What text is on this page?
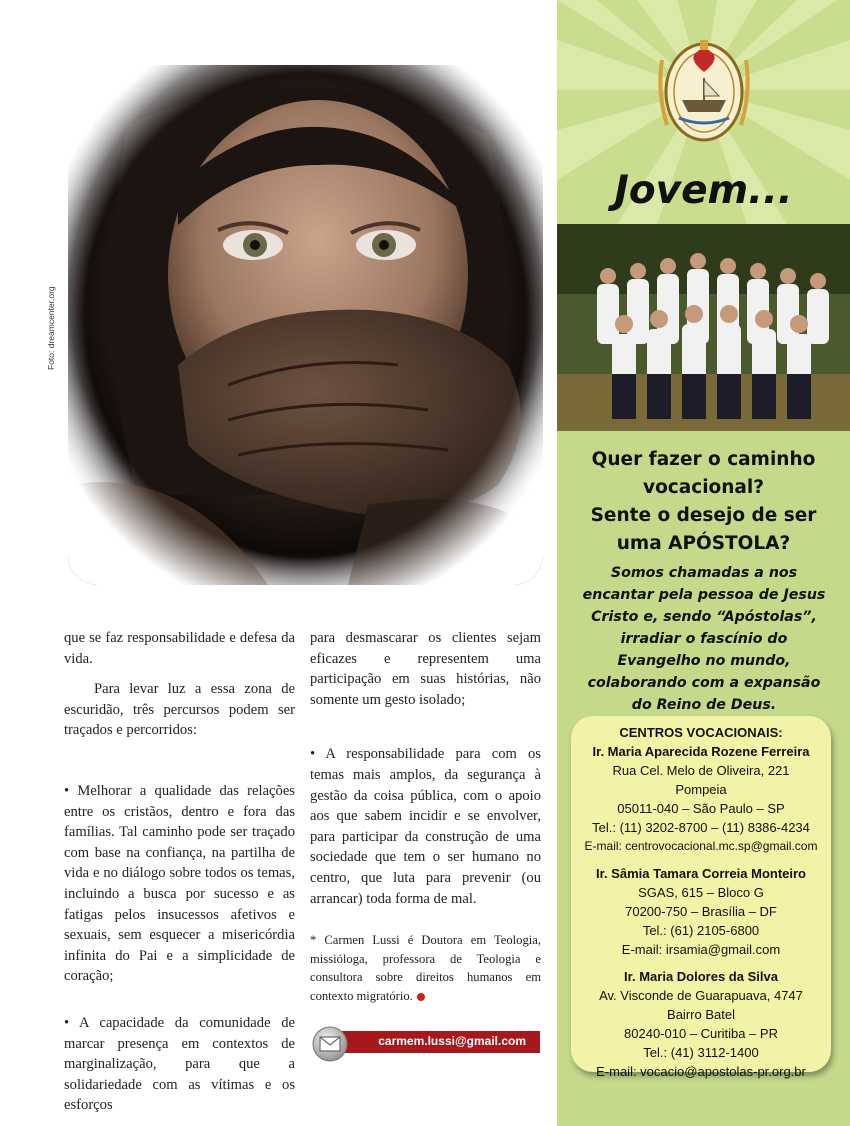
Foto: dreamcenter.org

que se faz responsabilidade e defesa da vida.

Para levar luz a essa zona de escuridão, três percursos podem ser traçados e percorridos:

• Melhorar a qualidade das relações entre os cristãos, dentro e fora das famílias. Tal caminho pode ser traçado com base na confiança, na partilha de vida e no diálogo sobre todos os temas, incluindo a busca por sucesso e as fatigas pelos insucessos afetivos e sexuais, sem esquecer a misericórdia infinita do Pai e a simplicidade de coração;

• A capacidade da comunidade de marcar presença em contextos de marginalização, para que a solidariedade com as vítimas e os esforços

para desmascarar os clientes sejam eficazes e representem uma participação em suas histórias, não somente um gesto isolado;

• A responsabilidade para com os temas mais amplos, da segurança à gestão da coisa pública, com o apoio aos que sabem incidir e se envolver, para participar da construção de uma sociedade que tem o ser humano no centro, que luta para prevenir (ou arrancar) toda forma de mal.

* Carmen Lussi é Doutora em Teologia, missióloga, professora de Teologia e consultora sobre direitos humanos em contexto migratório.

carmem.lussi@gmail.com
Jovem...
Quer fazer o caminho
vocacional?
Sente o desejo de ser
uma APÓSTOLA?
Somos chamadas a nos
encantar pela pessoa de Jesus
Cristo e, sendo “Apóstolas”,
irradiar o fascínio do
Evangelho no mundo,
colaborando com a expansão
do Reino de Deus.
CENTROS VOCACIONAIS:
Ir. Maria Aparecida Rozene Ferreira
Rua Cel. Melo de Oliveira, 221
Pompeia
05011-040 – São Paulo – SP
Tel.: (11) 3202-8700 – (11) 8386-4234
E-mail: centrovocacional.mc.sp@gmail.com
Ir. Sâmia Tamara Correia Monteiro
SGAS, 615 – Bloco G
70200-750 – Brasília – DF
Tel.: (61) 2105-6800
E-mail: irsamia@gmail.com
Ir. Maria Dolores da Silva
Av. Visconde de Guarapuava, 4747
Bairro Batel
80240-010 – Curitiba – PR
Tel.: (41) 3112-1400
E-mail: vocacio@apostolas-pr.org.br
